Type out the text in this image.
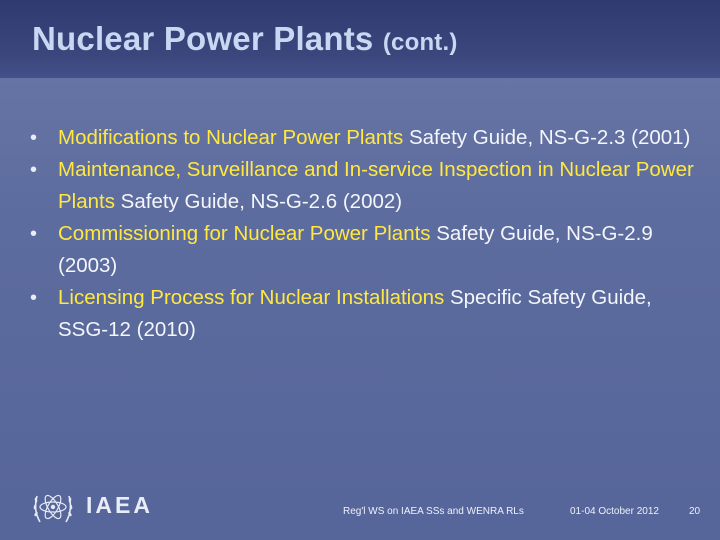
Nuclear Power Plants (cont.)
• Modifications to Nuclear Power Plants Safety Guide, NS-G-2.3 (2001)
• Maintenance, Surveillance and In-service Inspection in Nuclear Power Plants Safety Guide, NS-G-2.6 (2002)
• Commissioning for Nuclear Power Plants Safety Guide, NS-G-2.9 (2003)
• Licensing Process for Nuclear Installations Specific Safety Guide, SSG-12 (2010)
IAEA	Reg'l WS on IAEA SSs and WENRA RLs	01-04 October 2012	20
